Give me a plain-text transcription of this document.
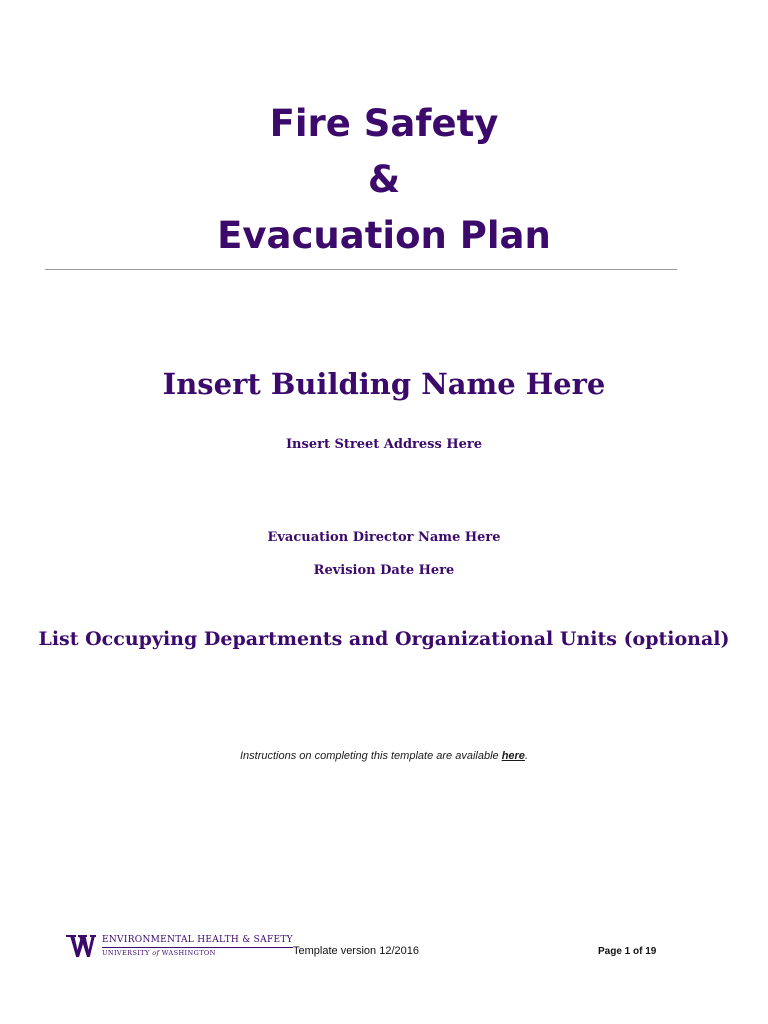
Fire Safety
&
Evacuation Plan
Insert Building Name Here
Insert Street Address Here
Evacuation Director Name Here
Revision Date Here
List Occupying Departments and Organizational Units (optional)
Instructions on completing this template are available here.
ENVIRONMENTAL HEALTH & SAFETY
UNIVERSITY of WASHINGTON	Template version 12/2016	Page 1 of 19
